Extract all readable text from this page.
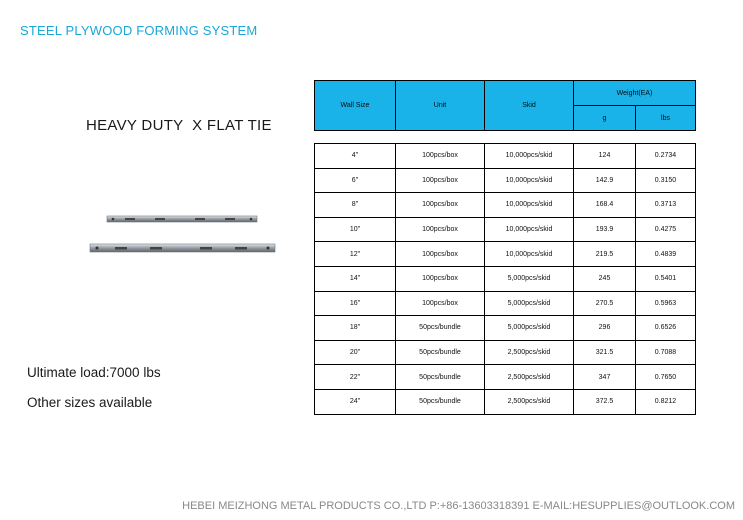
STEEL PLYWOOD FORMING SYSTEM
HEAVY DUTY  X FLAT TIE
Ultimate load:7000 lbs
Other sizes available
Wall Size	Unit	Skid	Weight(EA)	
			g	lbs
4"	100pcs/box	10,000pcs/skid	124	0.2734
6"	100pcs/box	10,000pcs/skid	142.9	0.3150
8"	100pcs/box	10,000pcs/skid	168.4	0.3713
10"	100pcs/box	10,000pcs/skid	193.9	0.4275
12"	100pcs/box	10,000pcs/skid	219.5	0.4839
14"	100pcs/box	5,000pcs/skid	245	0.5401
16"	100pcs/box	5,000pcs/skid	270.5	0.5963
18"	50pcs/bundle	5,000pcs/skid	296	0.6526
20"	50pcs/bundle	2,500pcs/skid	321.5	0.7088
22"	50pcs/bundle	2,500pcs/skid	347	0.7650
24"	50pcs/bundle	2,500pcs/skid	372.5	0.8212
HEBEI MEIZHONG METAL PRODUCTS CO.,LTD P:+86-13603318391 E-MAIL:HESUPPLIES@OUTLOOK.COM
